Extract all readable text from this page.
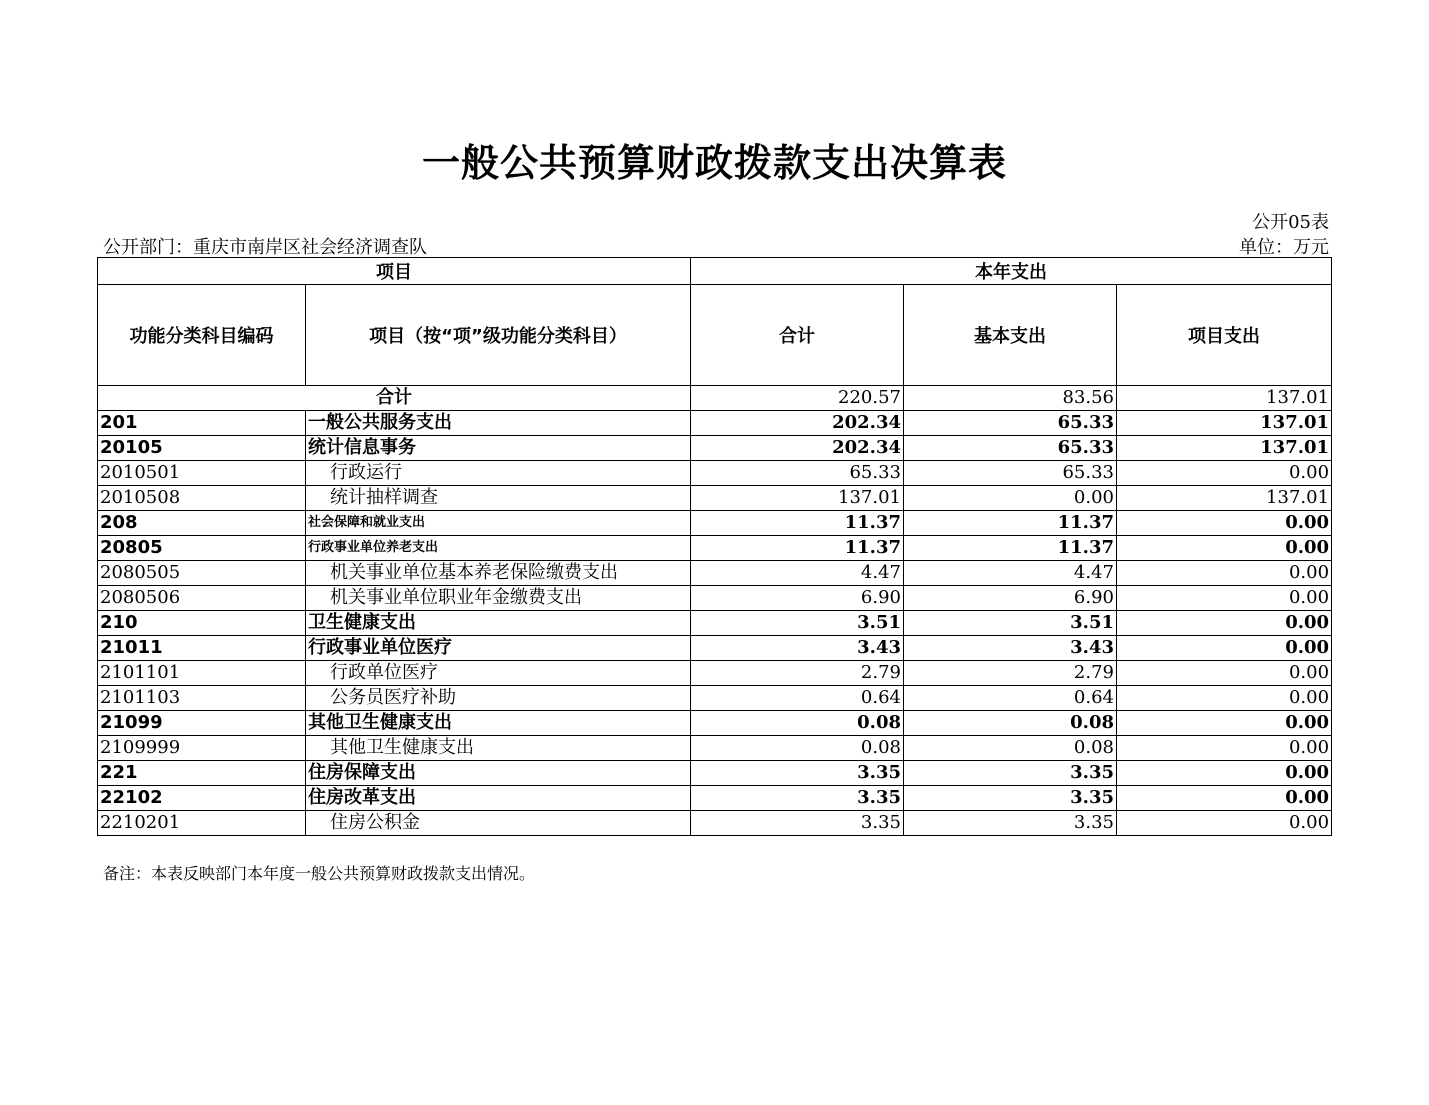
一般公共预算财政拨款支出决算表
公开05表
公开部门：重庆市南岸区社会经济调查队	单位：万元
项目		本年支出		
功能分类科目编码	项目（按“项”级功能分类科目）	合计	基本支出	项目支出
合计		220.57	83.56	137.01
201	一般公共服务支出	202.34	65.33	137.01
20105	统计信息事务	202.34	65.33	137.01
2010501	行政运行	65.33	65.33	0.00
2010508	统计抽样调查	137.01	0.00	137.01
208	社会保障和就业支出	11.37	11.37	0.00
20805	行政事业单位养老支出	11.37	11.37	0.00
2080505	机关事业单位基本养老保险缴费支出	4.47	4.47	0.00
2080506	机关事业单位职业年金缴费支出	6.90	6.90	0.00
210	卫生健康支出	3.51	3.51	0.00
21011	行政事业单位医疗	3.43	3.43	0.00
2101101	行政单位医疗	2.79	2.79	0.00
2101103	公务员医疗补助	0.64	0.64	0.00
21099	其他卫生健康支出	0.08	0.08	0.00
2109999	其他卫生健康支出	0.08	0.08	0.00
221	住房保障支出	3.35	3.35	0.00
22102	住房改革支出	3.35	3.35	0.00
2210201	住房公积金	3.35	3.35	0.00
备注：本表反映部门本年度一般公共预算财政拨款支出情况。
